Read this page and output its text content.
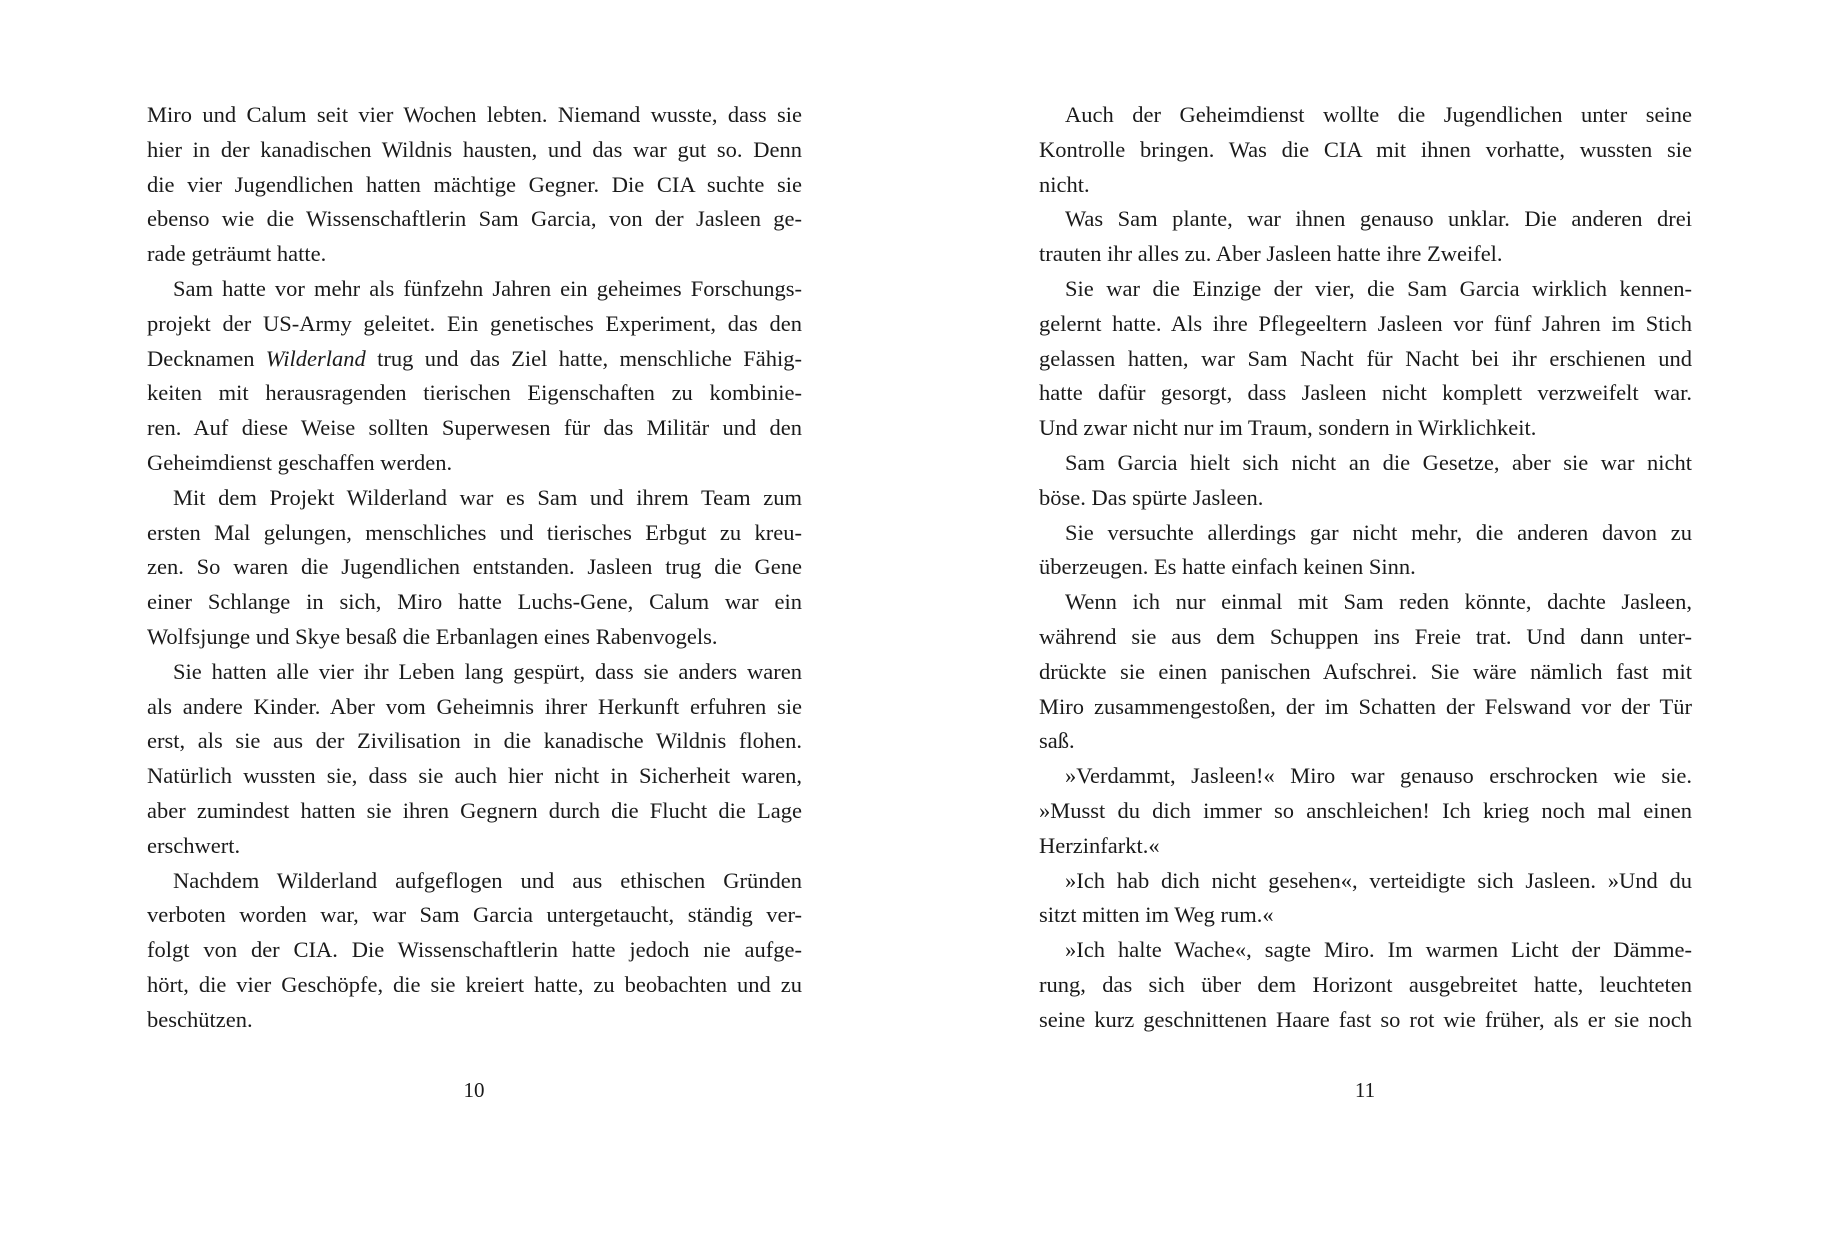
Miro und Calum seit vier Wochen lebten. Niemand wusste, dass sie
hier in der kanadischen Wildnis hausten, und das war gut so. Denn
die vier Jugendlichen hatten mächtige Gegner. Die CIA suchte sie
ebenso wie die Wissenschaftlerin Sam Garcia, von der Jasleen ge-
rade geträumt hatte.
Sam hatte vor mehr als fünfzehn Jahren ein geheimes Forschungs-
projekt der US-Army geleitet. Ein genetisches Experiment, das den
Decknamen Wilderland trug und das Ziel hatte, menschliche Fähig-
keiten mit herausragenden tierischen Eigenschaften zu kombinie-
ren. Auf diese Weise sollten Superwesen für das Militär und den
Geheimdienst geschaffen werden.
Mit dem Projekt Wilderland war es Sam und ihrem Team zum
ersten Mal gelungen, menschliches und tierisches Erbgut zu kreu-
zen. So waren die Jugendlichen entstanden. Jasleen trug die Gene
einer Schlange in sich, Miro hatte Luchs-Gene, Calum war ein
Wolfsjunge und Skye besaß die Erbanlagen eines Rabenvogels.
Sie hatten alle vier ihr Leben lang gespürt, dass sie anders waren
als andere Kinder. Aber vom Geheimnis ihrer Herkunft erfuhren sie
erst, als sie aus der Zivilisation in die kanadische Wildnis flohen.
Natürlich wussten sie, dass sie auch hier nicht in Sicherheit waren,
aber zumindest hatten sie ihren Gegnern durch die Flucht die Lage
erschwert.
Nachdem Wilderland aufgeflogen und aus ethischen Gründen
verboten worden war, war Sam Garcia untergetaucht, ständig ver-
folgt von der CIA. Die Wissenschaftlerin hatte jedoch nie aufge-
hört, die vier Geschöpfe, die sie kreiert hatte, zu beobachten und zu
beschützen.
10
Auch der Geheimdienst wollte die Jugendlichen unter seine
Kontrolle bringen. Was die CIA mit ihnen vorhatte, wussten sie
nicht.
Was Sam plante, war ihnen genauso unklar. Die anderen drei
trauten ihr alles zu. Aber Jasleen hatte ihre Zweifel.
Sie war die Einzige der vier, die Sam Garcia wirklich kennen-
gelernt hatte. Als ihre Pflegeeltern Jasleen vor fünf Jahren im Stich
gelassen hatten, war Sam Nacht für Nacht bei ihr erschienen und
hatte dafür gesorgt, dass Jasleen nicht komplett verzweifelt war.
Und zwar nicht nur im Traum, sondern in Wirklichkeit.
Sam Garcia hielt sich nicht an die Gesetze, aber sie war nicht
böse. Das spürte Jasleen.
Sie versuchte allerdings gar nicht mehr, die anderen davon zu
überzeugen. Es hatte einfach keinen Sinn.
Wenn ich nur einmal mit Sam reden könnte, dachte Jasleen,
während sie aus dem Schuppen ins Freie trat. Und dann unter-
drückte sie einen panischen Aufschrei. Sie wäre nämlich fast mit
Miro zusammengestoßen, der im Schatten der Felswand vor der Tür
saß.
»Verdammt, Jasleen!« Miro war genauso erschrocken wie sie.
»Musst du dich immer so anschleichen! Ich krieg noch mal einen
Herzinfarkt.«
»Ich hab dich nicht gesehen«, verteidigte sich Jasleen. »Und du
sitzt mitten im Weg rum.«
»Ich halte Wache«, sagte Miro. Im warmen Licht der Dämme-
rung, das sich über dem Horizont ausgebreitet hatte, leuchteten
seine kurz geschnittenen Haare fast so rot wie früher, als er sie noch
11
